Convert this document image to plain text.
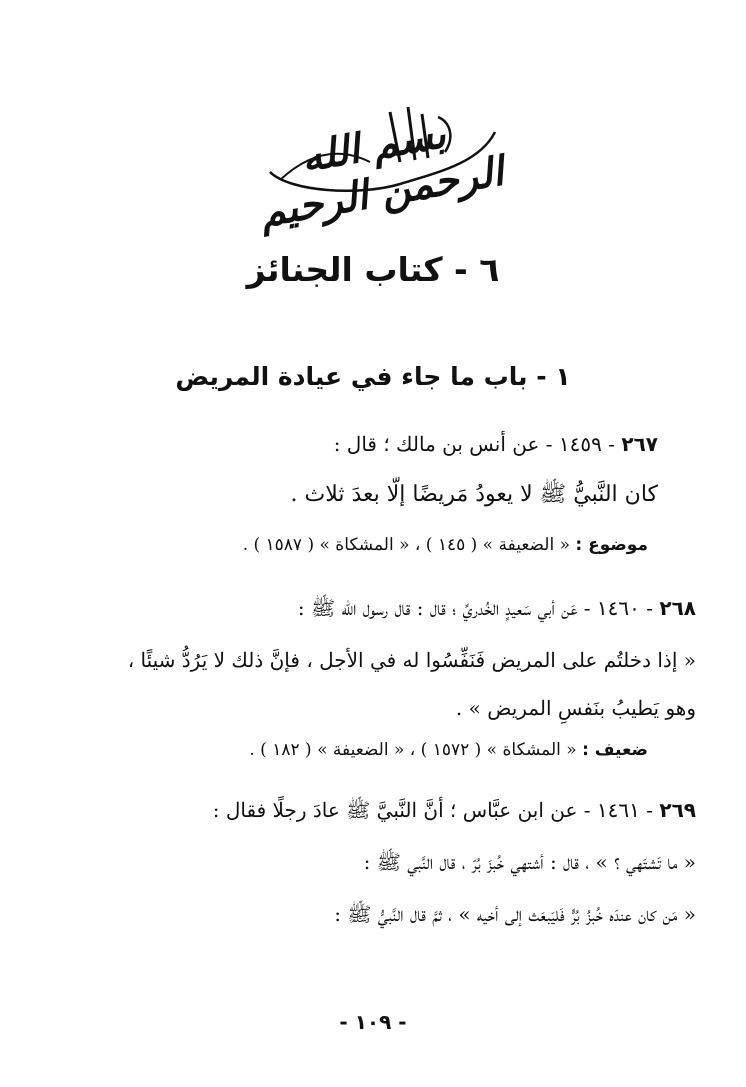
بسم الله الرحمن الرحيم
٦ - كتاب الجنائز
١ - باب ما جاء في عيادة المريض
٢٦٧ - ١٤٥٩ - عن أنس بن مالك ؛ قال :
كان النَّبيُّ ﷺ لا يعودُ مَريضًا إلّا بعدَ ثلاث .
موضوع : « الضعيفة » ( ١٤٥ ) ، « المشكاة » ( ١٥٨٧ ) .
٢٦٨ - ١٤٦٠ - عَن أبي سَعيدٍ الخُدريِّ ؛ قال : قال رسول الله ﷺ :
« إذا دخلتُم على المريض فَنَفِّسُوا له في الأجل ، فإنَّ ذلك لا يَرُدُّ شيئًا ،
وهو يَطيبُ بنَفسِ المريض » .
ضعيف : « المشكاة » ( ١٥٧٢ ) ، « الضعيفة » ( ١٨٢ ) .
٢٦٩ - ١٤٦١ - عن ابن عبَّاس ؛ أنَّ النَّبيَّ ﷺ عادَ رجلًا فقال :
« ما تَشتَهي ؟ » ، قال : أشتهي خُبزَ بُرّ ، قال النَّبي ﷺ :
« مَن كان عندَه خُبزُ بُرٍّ فَليَبعَث إلى أخيه » ، ثمَّ قال النَّبيُّ ﷺ :
- ١٠٩ -
